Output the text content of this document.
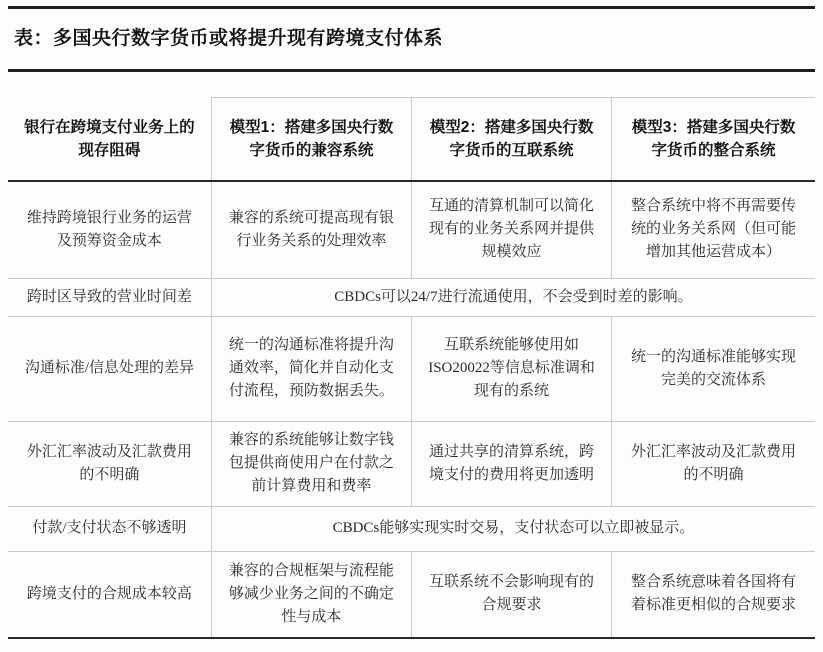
表：多国央行数字货币或将提升现有跨境支付体系
银行在跨境支付业务上的现存阻碍	模型1：搭建多国央行数字货币的兼容系统	模型2：搭建多国央行数字货币的互联系统	模型3：搭建多国央行数字货币的整合系统
维持跨境银行业务的运营及预筹资金成本	兼容的系统可提高现有银行业务关系的处理效率	互通的清算机制可以简化现有的业务关系网并提供规模效应	整合系统中将不再需要传统的业务关系网（但可能增加其他运营成本）
跨时区导致的营业时间差	CBDCs可以24/7进行流通使用，不会受到时差的影响。		
沟通标准/信息处理的差异	统一的沟通标准将提升沟通效率，简化并自动化支付流程，预防数据丢失。	互联系统能够使用如ISO20022等信息标准调和现有的系统	统一的沟通标准能够实现完美的交流体系
外汇汇率波动及汇款费用的不明确	兼容的系统能够让数字钱包提供商使用户在付款之前计算费用和费率	通过共享的清算系统，跨境支付的费用将更加透明	外汇汇率波动及汇款费用的不明确
付款/支付状态不够透明	CBDCs能够实现实时交易，支付状态可以立即被显示。		
跨境支付的合规成本较高	兼容的合规框架与流程能够减少业务之间的不确定性与成本	互联系统不会影响现有的合规要求	整合系统意味着各国将有着标准更相似的合规要求
